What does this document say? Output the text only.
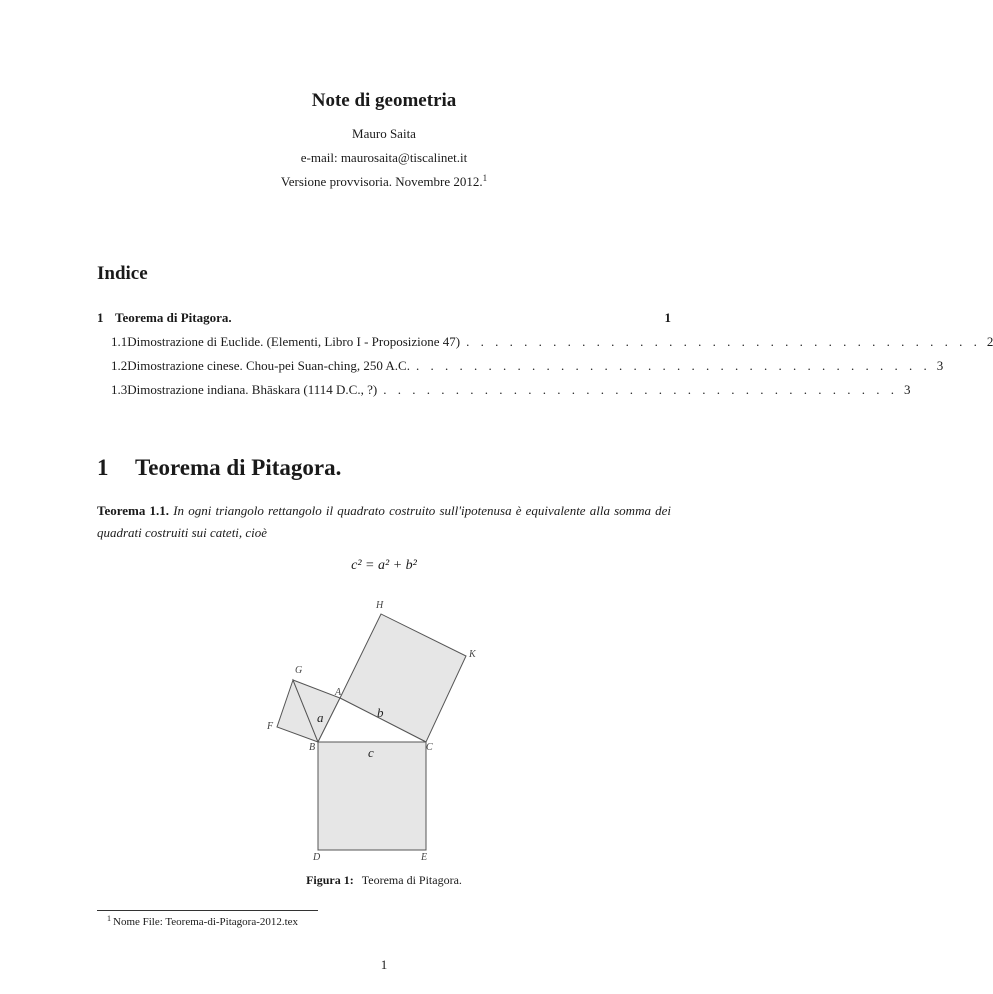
Note di geometria
Mauro Saita
e-mail: maurosaita@tiscalinet.it
Versione provvisoria. Novembre 2012.$^1$
Indice
1 Teorema di Pitagora.	1
1.1 Dimostrazione di Euclide. (Elementi, Libro I - Proposizione 47) . . . . . . . . . . . . . . . . . . . . . . . . . . . . . . . . . . . . 2
1.2 Dimostrazione cinese. Chou-pei Suan-ching, 250 A.C. . . . . . . . . . . . . . . . . . . . . . . . . . . . . . . . . . . . . 3
1.3 Dimostrazione indiana. Bhāskara (1114 D.C., ?) . . . . . . . . . . . . . . . . . . . . . . . . . . . . . . . . . . . . 3
1 Teorema di Pitagora.
Teorema 1.1. In ogni triangolo rettangolo il quadrato costruito sull'ipotenusa è equivalente alla somma dei quadrati costruiti sui cateti, cioè
c² = a² + b²
H
K
G
A
F
B	C
D	E
a	b
c
Figura 1: Teorema di Pitagora.
$^1$ Nome File: Teorema-di-Pitagora-2012.tex
1
